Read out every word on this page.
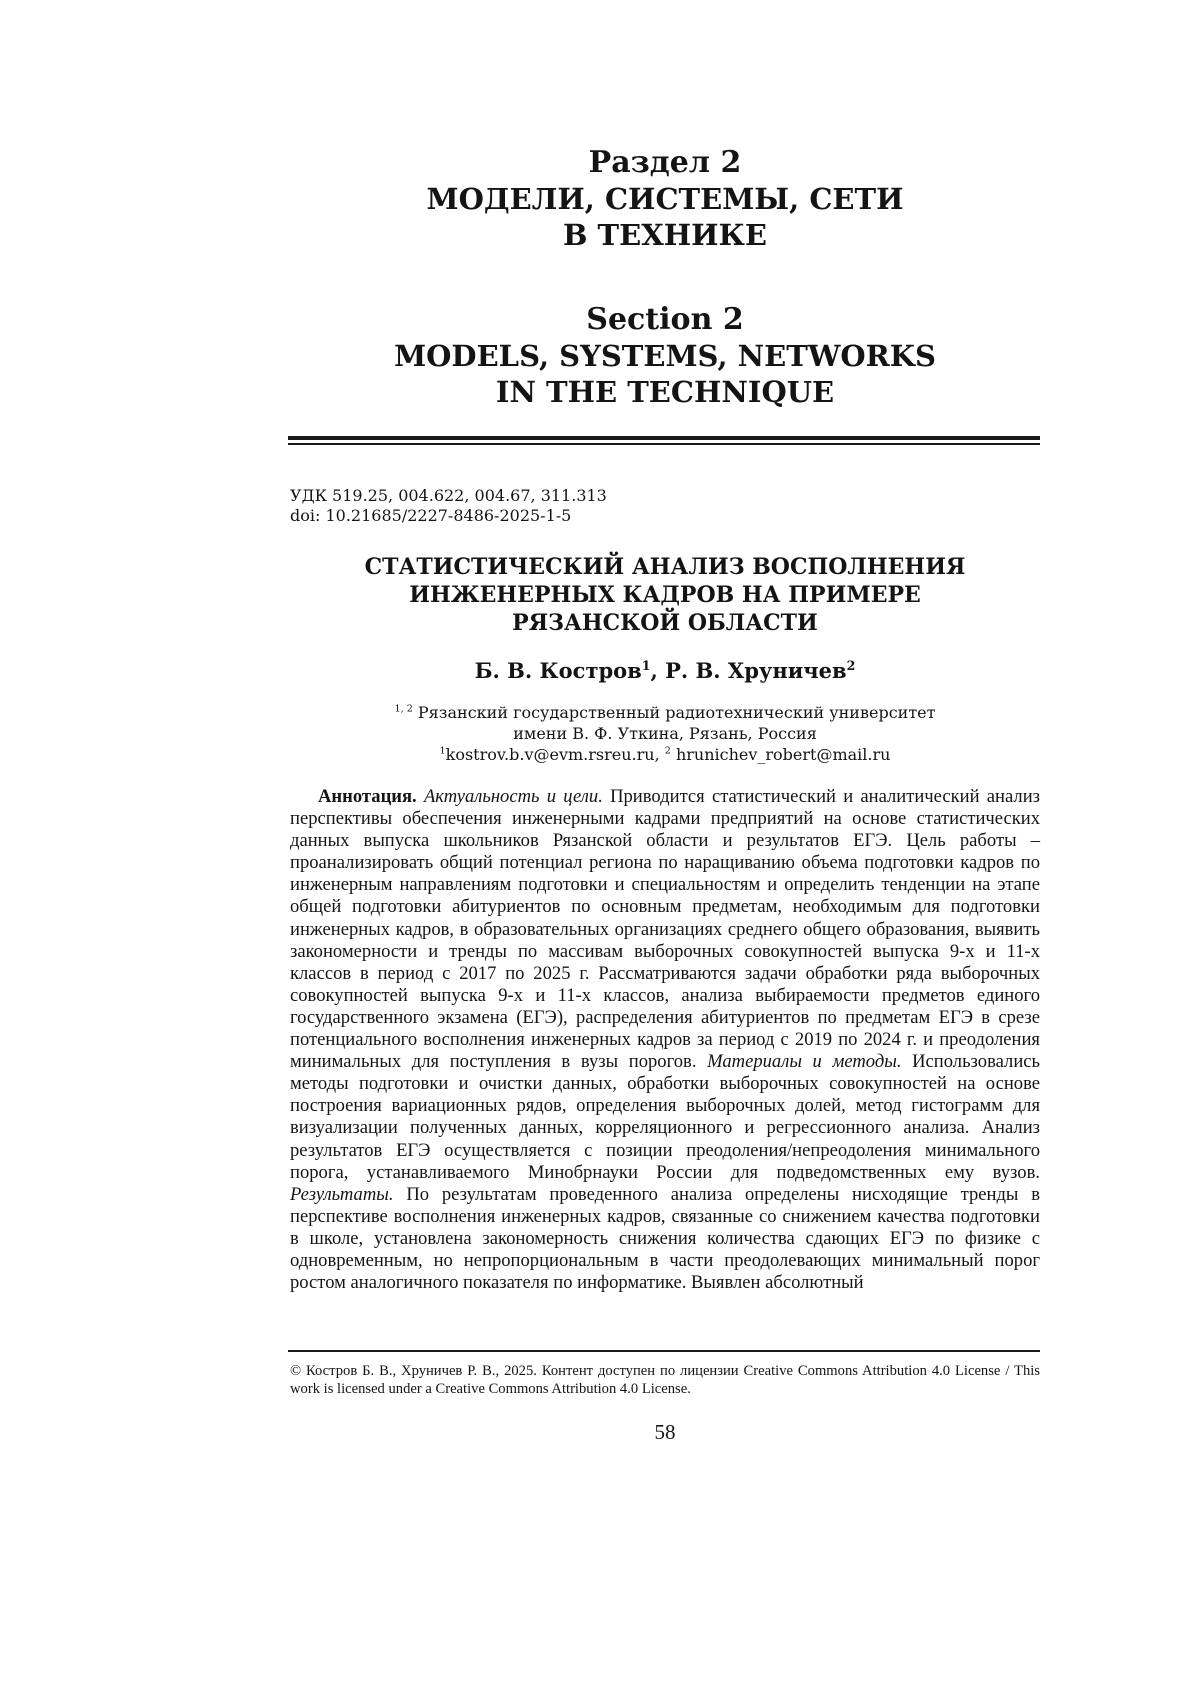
Раздел 2
МОДЕЛИ, СИСТЕМЫ, СЕТИ
В ТЕХНИКЕ
Section 2
MODELS, SYSTEMS, NETWORKS
IN THE TECHNIQUE
УДК 519.25, 004.622, 004.67, 311.313
doi: 10.21685/2227-8486-2025-1-5
СТАТИСТИЧЕСКИЙ АНАЛИЗ ВОСПОЛНЕНИЯ
ИНЖЕНЕРНЫХ КАДРОВ НА ПРИМЕРЕ
РЯЗАНСКОЙ ОБЛАСТИ
Б. В. Костров$^1$, Р. В. Хруничев$^2$
$^{1, 2}$ Рязанский государственный радиотехнический университет
имени В. Ф. Уткина, Рязань, Россия
$^1$kostrov.b.v@evm.rsreu.ru, $^2$ hrunichev_robert@mail.ru

Аннотация. Актуальность и цели. Приводится статистический и аналитический анализ перспективы обеспечения инженерными кадрами предприятий на основе статистических данных выпуска школьников Рязанской области и результатов ЕГЭ. Цель работы – проанализировать общий потенциал региона по наращиванию объема подготовки кадров по инженерным направлениям подготовки и специальностям и определить тенденции на этапе общей подготовки абитуриентов по основным предметам, необходимым для подготовки инженерных кадров, в образовательных организациях среднего общего образования, выявить закономерности и тренды по массивам выборочных совокупностей выпуска 9-х и 11-х классов в период с 2017 по 2025 г. Рассматриваются задачи обработки ряда выборочных совокупностей выпуска 9-х и 11-х классов, анализа выбираемости предметов единого государственного экзамена (ЕГЭ), распределения абитуриентов по предметам ЕГЭ в срезе потенциального восполнения инженерных кадров за период с 2019 по 2024 г. и преодоления минимальных для поступления в вузы порогов. Материалы и методы. Использовались методы подготовки и очистки данных, обработки выборочных совокупностей на основе построения вариационных рядов, определения выборочных долей, метод гистограмм для визуализации полученных данных, корреляционного и регрессионного анализа. Анализ результатов ЕГЭ осуществляется с позиции преодоления/непреодоления минимального порога, устанавливаемого Минобрнауки России для подведомственных ему вузов. Результаты. По результатам проведенного анализа определены нисходящие тренды в перспективе восполнения инженерных кадров, связанные со снижением качества подготовки в школе, установлена закономерность снижения количества сдающих ЕГЭ по физике с одновременным, но непропорциональным в части преодолевающих минимальный порог ростом аналогичного показателя по информатике. Выявлен абсолютный

© Костров Б. В., Хруничев Р. В., 2025. Контент доступен по лицензии Creative Commons Attribution 4.0 License / This work is licensed under a Creative Commons Attribution 4.0 License.
58
